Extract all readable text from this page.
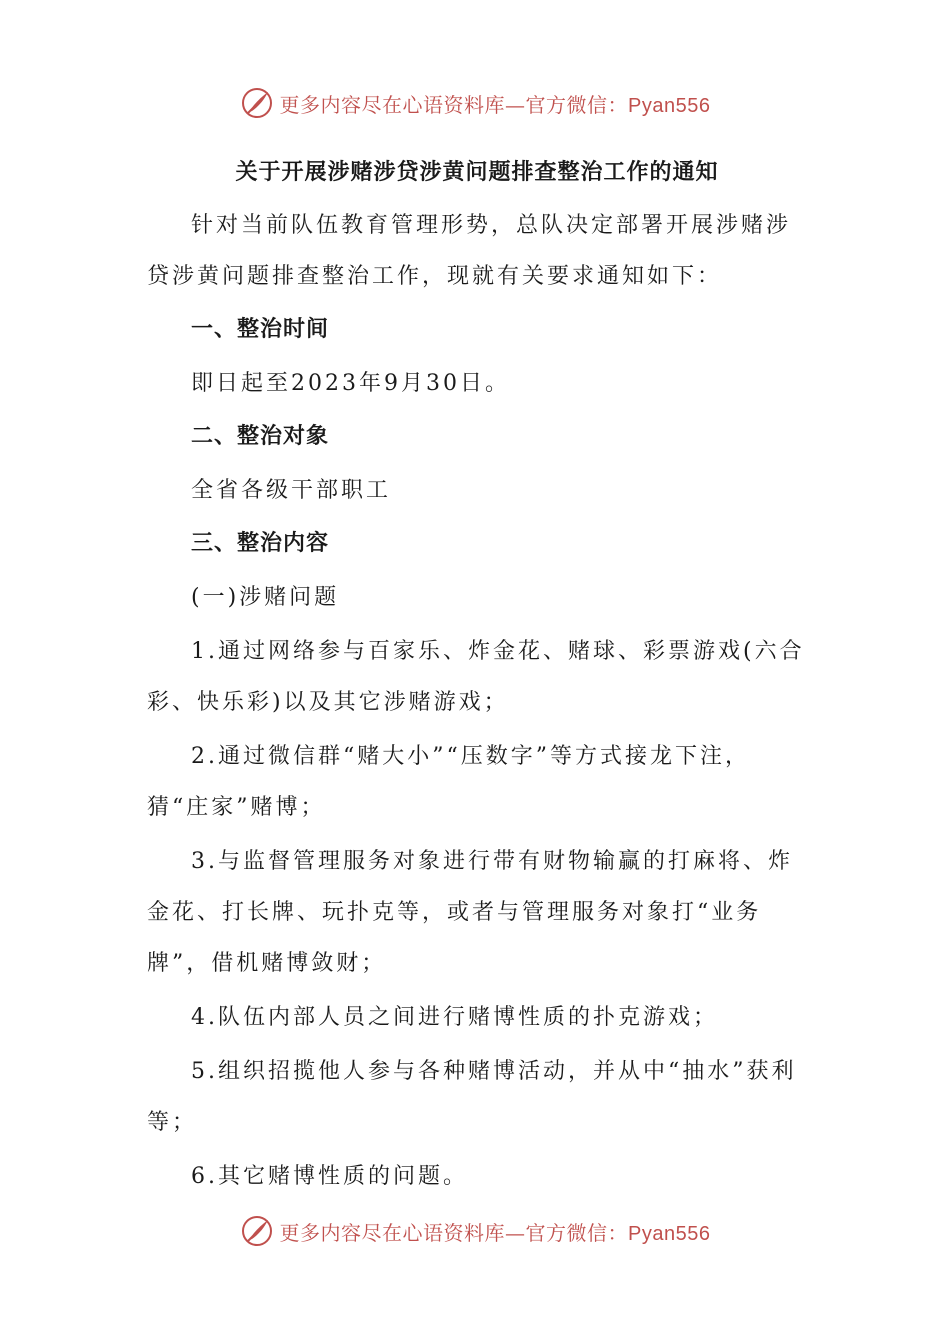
更多内容尽在心语资料库—官方微信：Pyan556
关于开展涉赌涉贷涉黄问题排查整治工作的通知

针对当前队伍教育管理形势，总队决定部署开展涉赌涉贷涉黄问题排查整治工作，现就有关要求通知如下：

一、整治时间

即日起至2023年9月30日。

二、整治对象

全省各级干部职工

三、整治内容

(一)涉赌问题

1.通过网络参与百家乐、炸金花、赌球、彩票游戏(六合彩、快乐彩)以及其它涉赌游戏；

2.通过微信群“赌大小”“压数字”等方式接龙下注，猜“庄家”赌博；

3.与监督管理服务对象进行带有财物输赢的打麻将、炸金花、打长牌、玩扑克等，或者与管理服务对象打“业务牌”，借机赌博敛财；

4.队伍内部人员之间进行赌博性质的扑克游戏；

5.组织招揽他人参与各种赌博活动，并从中“抽水”获利等；

6.其它赌博性质的问题。

更多内容尽在心语资料库—官方微信：Pyan556
